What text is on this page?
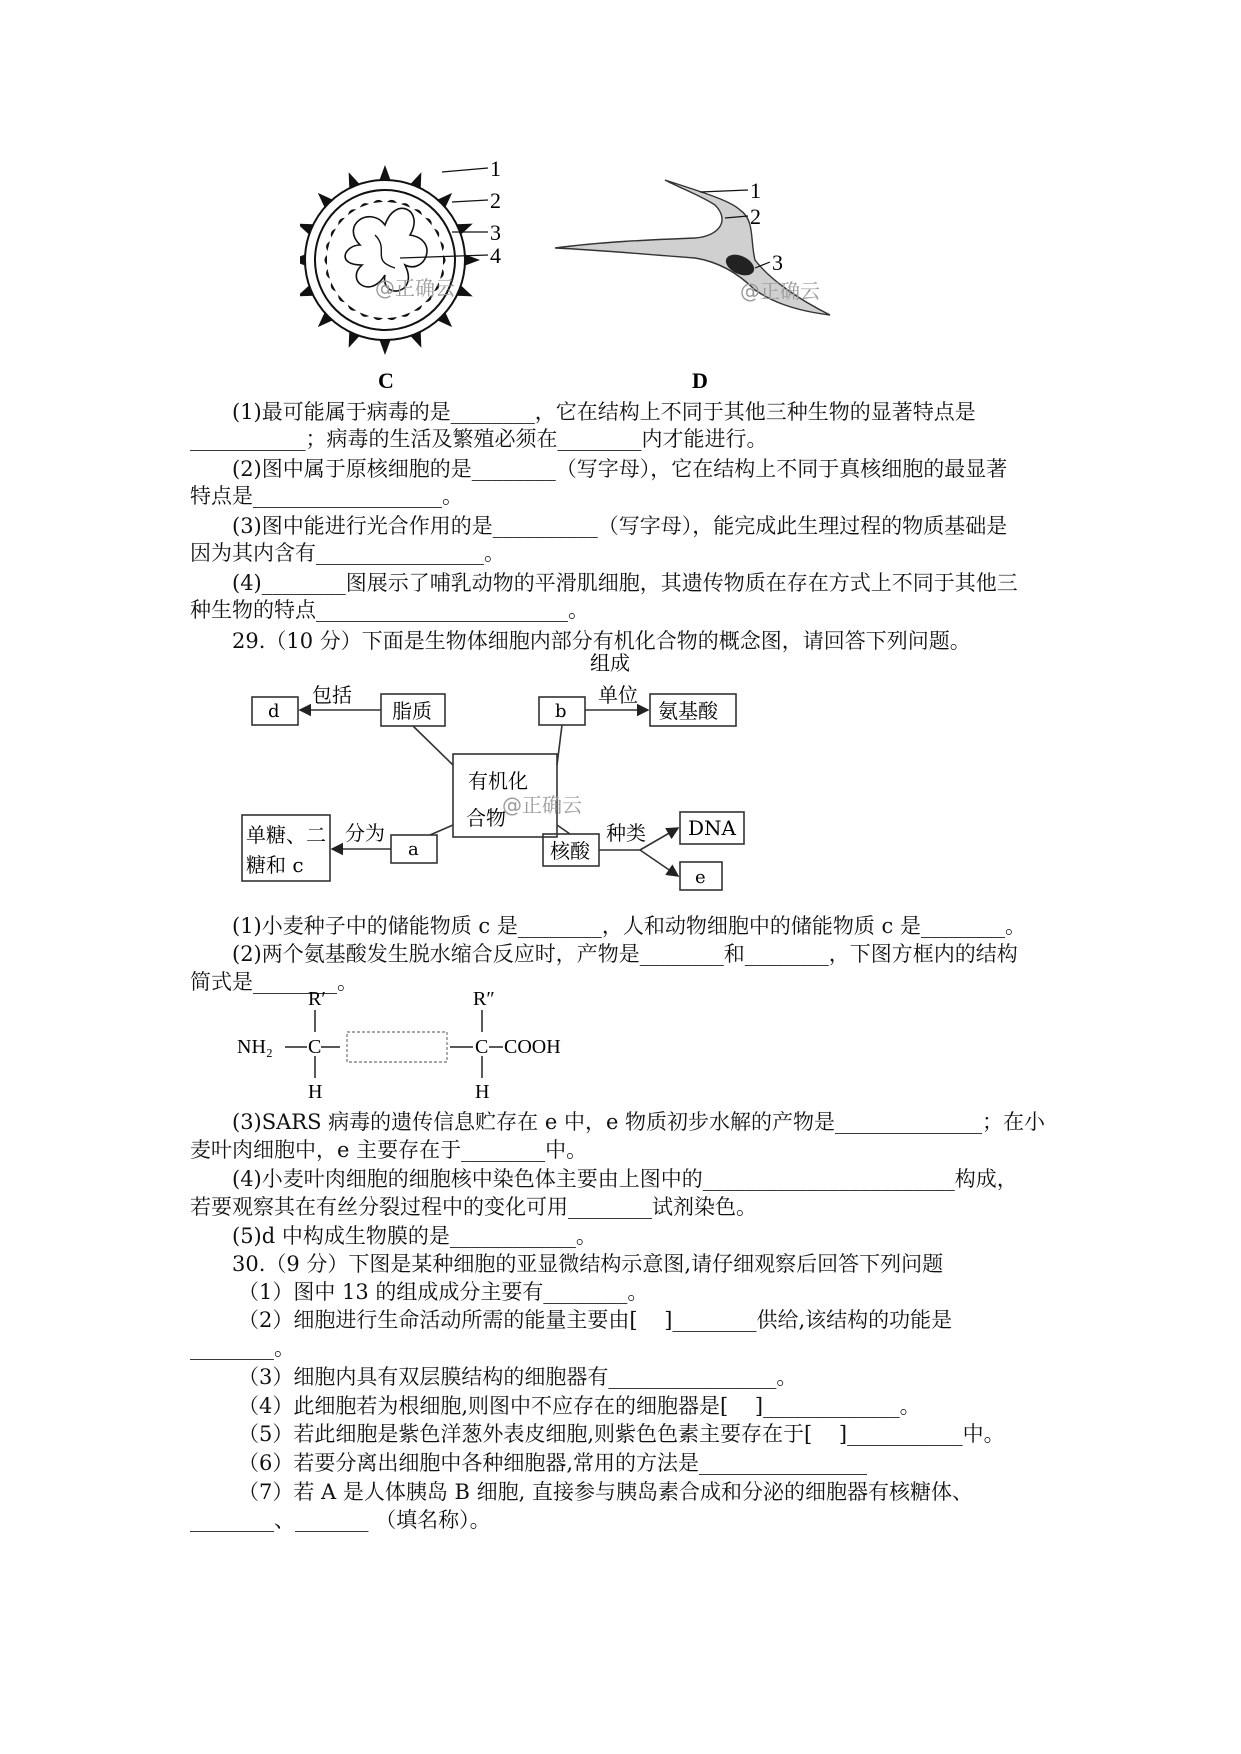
1
2
3
4
@正确云
C
1
2
3
@正确云
D
(1)最可能属于病毒的是________，它在结构上不同于其他三种生物的显著特点是
___________；病毒的生活及繁殖必须在________内才能进行。
(2)图中属于原核细胞的是________（写字母），它在结构上不同于真核细胞的最显著
特点是__________________。
(3)图中能进行光合作用的是__________（写字母），能完成此生理过程的物质基础是
因为其内含有________________。
(4)________图展示了哺乳动物的平滑肌细胞，其遗传物质在存在方式上不同于其他三
种生物的特点________________________。
29.（10 分）下面是生物体细胞内部分有机化合物的概念图，请回答下列问题。
组成
有机化
合物
@正确云
d
包括
脂质	b
单位
氨基酸
单糖、二
糖和 c
分为
a	核酸
种类 DNA
e
(1)小麦种子中的储能物质 c 是________，人和动物细胞中的储能物质 c 是________。
(2)两个氨基酸发生脱水缩合反应时，产物是________和________，下图方框内的结构
简式是________。
NH₂ C
R′
H
C
R″
H
COOH
(3)SARS 病毒的遗传信息贮存在 e 中，e 物质初步水解的产物是______________；在小
麦叶肉细胞中，e 主要存在于________中。
(4)小麦叶肉细胞的细胞核中染色体主要由上图中的________________________构成，
若要观察其在有丝分裂过程中的变化可用________试剂染色。
(5)d 中构成生物膜的是____________。
30.（9 分）下图是某种细胞的亚显微结构示意图,请仔细观察后回答下列问题
（1）图中 13 的组成成分主要有________。
（2）细胞进行生命活动所需的能量主要由[    ]________供给,该结构的功能是
________。
（3）细胞内具有双层膜结构的细胞器有________________。
（4）此细胞若为根细胞,则图中不应存在的细胞器是[    ]_____________。
（5）若此细胞是紫色洋葱外表皮细胞,则紫色色素主要存在于[    ]___________中。
（6）若要分离出细胞中各种细胞器,常用的方法是________________
（7）若 A 是人体胰岛 B 细胞, 直接参与胰岛素合成和分泌的细胞器有核糖体、
________、_______ （填名称）。
